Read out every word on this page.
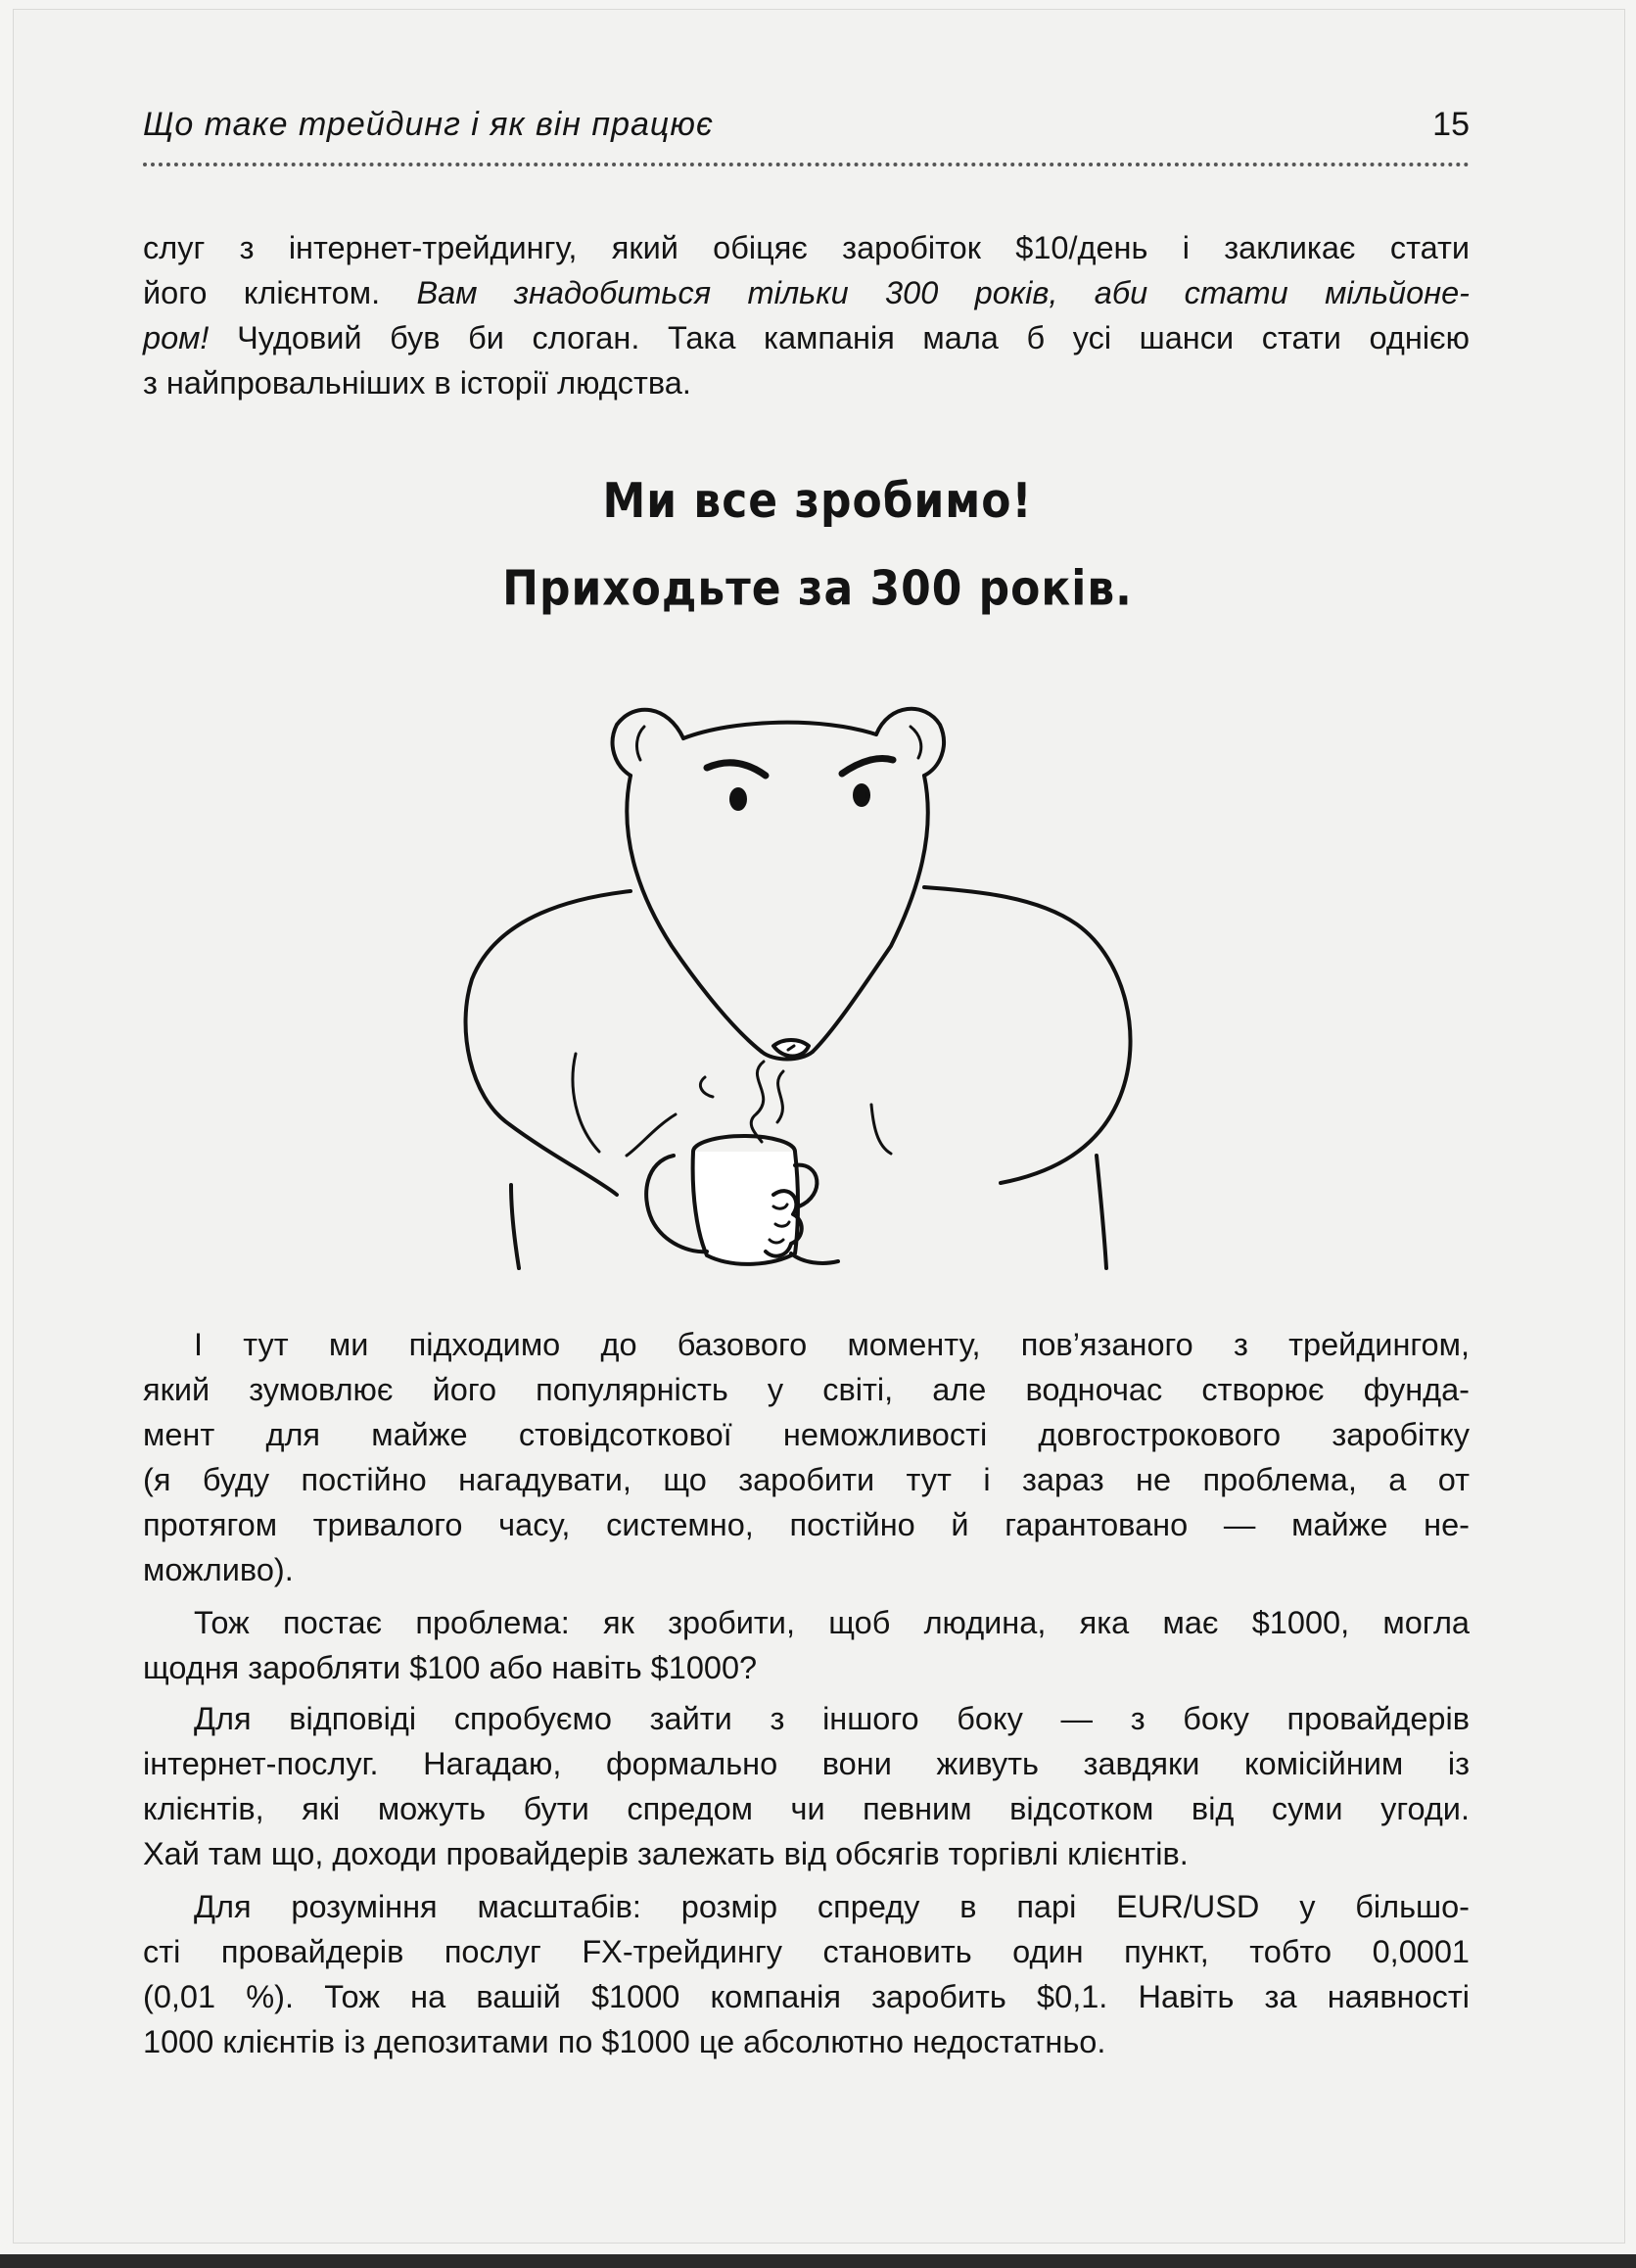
Що таке трейдинг і як він працює	15

слуг з інтернет-трейдингу, який обіцяє заробіток $10/день і закликає стати
його клієнтом. Вам знадобиться тільки 300 років, аби стати мільйоне-
ром! Чудовий був би слоган. Така кампанія мала б усі шанси стати однією
з найпровальніших в історії людства.

Ми все зробимо!
Приходьте за 300 років.

І тут ми підходимо до базового моменту, пов’язаного з трейдингом,
який зумовлює його популярність у світі, але водночас створює фунда-
мент для майже стовідсоткової неможливості довгострокового заробітку
(я буду постійно нагадувати, що заробити тут і зараз не проблема, а от
протягом тривалого часу, системно, постійно й гарантовано — майже не-
можливо).

Тож постає проблема: як зробити, щоб людина, яка має $1000, могла
щодня заробляти $100 або навіть $1000?

Для відповіді спробуємо зайти з іншого боку — з боку провайдерів
інтернет-послуг. Нагадаю, формально вони живуть завдяки комісійним із
клієнтів, які можуть бути спредом чи певним відсотком від суми угоди.
Хай там що, доходи провайдерів залежать від обсягів торгівлі клієнтів.

Для розуміння масштабів: розмір спреду в парі EUR/USD у більшо-
сті провайдерів послуг FX-трейдингу становить один пункт, тобто 0,0001
(0,01 %). Тож на вашій $1000 компанія заробить $0,1. Навіть за наявності
1000 клієнтів із депозитами по $1000 це абсолютно недостатньо.
